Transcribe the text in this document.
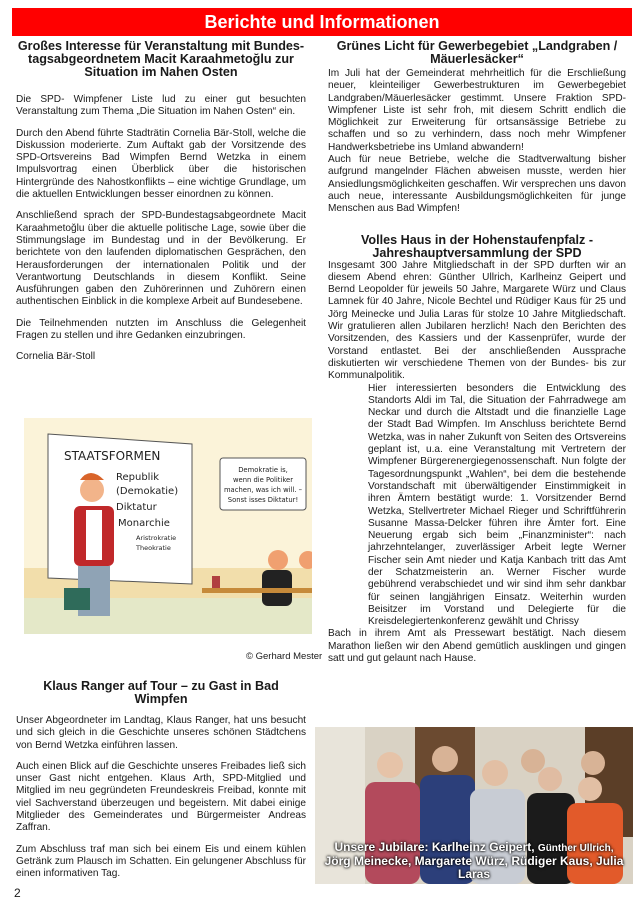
Berichte und Informationen
Großes Interesse für Veranstaltung mit Bundestagsabgeordnetem Macit Karaahmetoğlu zur Situation im Nahen Osten

Die SPD- Wimpfener Liste lud zu einer gut besuchten Veranstaltung zum Thema „Die Situation im Nahen Osten“ ein.

Durch den Abend führte Stadträtin Cornelia Bär-Stoll, welche die Diskussion moderierte. Zum Auftakt gab der Vorsitzende des SPD-Ortsvereins Bad Wimpfen Bernd Wetzka in einem Impulsvortrag einen Überblick über die historischen Hintergründe des Nahostkonflikts – eine wichtige Grundlage, um die aktuellen Entwicklungen besser einordnen zu können.

Anschließend sprach der SPD-Bundestagsabgeordnete Macit Karaahmetoğlu über die aktuelle politische Lage, sowie über die Stimmungslage im Bundestag und in der Bevölkerung. Er berichtete von den laufenden diplomatischen Gesprächen, den Herausforderungen der internationalen Politik und der Verantwortung Deutschlands in diesem Konflikt. Seine Ausführungen gaben den Zuhörerinnen und Zuhörern einen authentischen Einblick in die komplexe Arbeit auf Bundesebene.

Die Teilnehmenden nutzten im Anschluss die Gelegenheit Fragen zu stellen und ihre Gedanken einzubringen.

Cornelia Bär-Stoll

STAATSFORMEN
Republik
(Demokatie)
Diktatur
Monarchie
Aristrokratie
Theokratie
Demokratie is,
wenn die Politiker
machen, was ich will. –
Sonst isses Diktatur!
© Gerhard Mester
Klaus Ranger auf Tour – zu Gast in Bad Wimpfen

Unser Abgeordneter im Landtag, Klaus Ranger, hat uns besucht und sich gleich in die Geschichte unseres schönen Städtchens von Bernd Wetzka einführen lassen.

Auch einen Blick auf die Geschichte unseres Freibades ließ sich unser Gast nicht entgehen. Klaus Arth, SPD-Mitglied und Mitglied im neu gegründeten Freundeskreis Freibad, konnte mit viel Sachverstand überzeugen und begeistern. Mit dabei einige Mitglieder des Gemeinderates und Bürgermeister Andreas Zaffran.

Zum Abschluss traf man sich bei einem Eis und einem kühlen Getränk zum Plausch im Schatten. Ein gelungener Abschluss für einen informativen Tag.

Grünes Licht für Gewerbegebiet „Landgraben / Mäuerlesäcker“

Im Juli hat der Gemeinderat mehrheitlich für die Erschließung neuer, kleinteiliger Gewerbestrukturen im Gewerbegebiet Landgraben/Mäuerlesäcker gestimmt. Unsere Fraktion SPD-Wimpfener Liste ist sehr froh, mit diesem Schritt endlich die Möglichkeit zur Erweiterung für ortsansässige Betriebe zu schaffen und so zu verhindern, dass noch mehr Wimpfener Handwerksbetriebe ins Umland abwandern!

Auch für neue Betriebe, welche die Stadtverwaltung bisher aufgrund mangelnder Flächen abweisen musste, werden hier Ansiedlungsmöglichkeiten geschaffen. Wir versprechen uns davon auch neue, interessante Ausbildungsmöglichkeiten für junge Menschen aus Bad Wimpfen!

Volles Haus in der Hohenstaufenpfalz - Jahreshauptversammlung der SPD

Insgesamt 300 Jahre Mitgliedschaft in der SPD durften wir an diesem Abend ehren: Günther Ullrich, Karlheinz Geipert und Bernd Leopolder für jeweils 50 Jahre, Margarete Würz und Claus Lamnek für 40 Jahre, Nicole Bechtel und Rüdiger Kaus für 25 und Jörg Meinecke und Julia Laras für stolze 10 Jahre Mitgliedschaft. Wir gratulieren allen Jubilaren herzlich! Nach den Berichten des Vorsitzenden, des Kassiers und der Kassenprüfer, wurde der Vorstand entlastet. Bei der anschließenden Aussprache diskutierten wir verschiedene Themen von der Bundes- bis zur Kommunalpolitik.

Hier interessierten besonders die Entwicklung des Standorts Aldi im Tal, die Situation der Fahrradwege am Neckar und durch die Altstadt und die finanzielle Lage der Stadt Bad Wimpfen. Im Anschluss berichtete Bernd Wetzka, was in naher Zukunft von Seiten des Ortsvereins geplant ist, u.a. eine Veranstaltung mit Vertretern der Wimpfener Bürgerenergiegenossenschaft. Nun folgte der Tagesordnungspunkt „Wahlen“, bei dem die bestehende Vorstandschaft mit überwältigender Einstimmigkeit in ihren Ämtern bestätigt wurde: 1. Vorsitzender Bernd Wetzka, Stellvertreter Michael Rieger und Schriftführerin Susanne Massa-Delcker führen ihre Ämter fort. Eine Neuerung ergab sich beim „Finanzminister“: nach jahrzehntelanger, zuverlässiger Arbeit legte Werner Fischer sein Amt nieder und Katja Kanbach tritt das Amt der Schatzmeisterin an. Werner Fischer wurde gebührend verabschiedet und wir sind ihm sehr dankbar für seinen langjährigen Einsatz. Weiterhin wurden Beisitzer im Vorstand und Delegierte für die Kreisdelegiertenkonferenz gewählt und Chrissy

Bach in ihrem Amt als Pressewart bestätigt. Nach diesem Marathon ließen wir den Abend gemütlich ausklingen und gingen satt und gut gelaunt nach Hause.

Unsere Jubilare: Karlheinz Geipert, Günther Ullrich,
Jörg Meinecke, Margarete Würz, Rüdiger Kaus, Julia Laras
2
